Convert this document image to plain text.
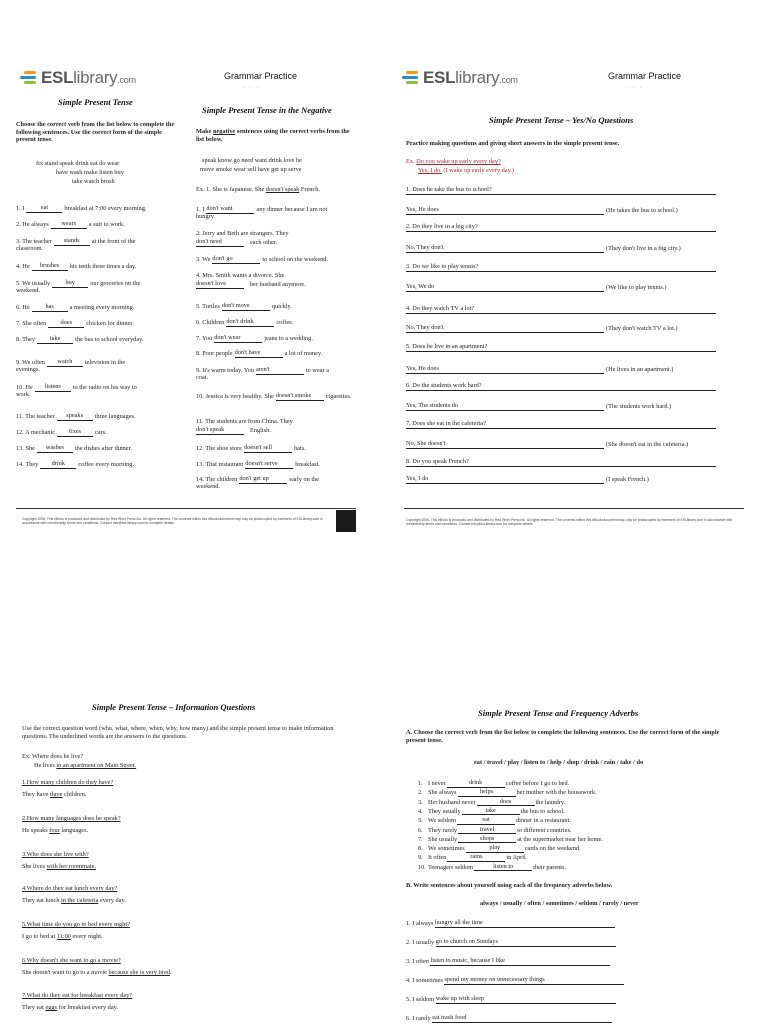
ESLlibrary.com	Grammar Practice
· · ·
Simple Present Tense
Choose the correct verb from the list below to complete the following sentences. Use the correct form of the simple present tense.
fix stand speak drink eat do wear
have wash make listen buy
take watch brush
1. I	eat	breakfast at 7:00 every morning.
2. He always wears a suit to work.
3. The teacher stands at the front of the
classroom.
4. He brushes his teeth three times a day.
5. We usually buy our groceries on the
weekend.
6. He	has	a meeting every morning.
7. She often does chicken for dinner.
8. They take the bus to school everyday.
9. We often watch television in the
evenings.
10. He listens to the radio on his way to
work.
11. The teacher speaks three languages.
12. A mechanic fixes cars.
13. She washes the dishes after dinner.
14. They drink coffee every morning.
Simple Present Tense in the Negative
Make negative sentences using the correct verbs from the list below.
speak know go need want drink love be
move smoke wear sell have get up serve
Ex. 1. She is Japanese. She doesn't speak French.
1. I don't want	any dinner because I am not
hungry.
2. Jerry and Beth are strangers. They
don't need	each other.
3. We don't go	to school on the weekend.
4. Mrs. Smith wants a divorce. She
doesn't love	her husband anymore.
5. Turtles don't move	quickly.
6. Children don't drink	coffee.
7. You don't wear	jeans to a wedding.
8. Poor people don't have	a lot of money.
9. It's warm today. You aren't	to wear a
coat.
10. Jessica is very healthy. She doesn't smoke cigarettes.
11. The students are from China. They
don't speak	English.
12. The shoe store doesn't sell	hats.
13. That restaurant doesn't serve	breakfast.
14. The children don't get up	early on the
weekend.
Copyright 2006. This eBook is produced and distributed by Red River Press Inc. All rights reserved. The contents within this eBook/document may only be photocopied by members of ESLlibrary.com in accordance with membership terms and conditions. Contact info@esl-library.com for complete details.
ESLlibrary.com	Grammar Practice
· · ·
Simple Present Tense – Yes/No Questions
Practice making questions and giving short answers in the simple present tense.
Ex. Do you wake up early every day?
Yes, I do. (I wake up early every day.)
1. Does he take the bus to school?
Yes, He does	(He takes the bus to school.)
2. Do they live in a big city?
No, They don't	(They don't live in a big city.)
3. Do we like to play tennis?
Yes, We do	(We like to play tennis.)
4. Do they watch TV a lot?
No, They don't	(They don't watch TV a lot.)
5. Does he live in an apartment?
Yes, He does	(He lives in an apartment.)
6. Do the students work hard?
Yes, The students do	(The students work hard.)
7. Does she eat in the cafeteria?
No, She doesn't	(She doesn't eat in the cafeteria.)
8. Do you speak French?
Yes, I do	(I speak French.)
Copyright 2006. This eBook is produced and distributed by Red River Press Inc. All rights reserved. The contents within this eBook/document may only be photocopied by members of ESLlibrary.com in accordance with membership terms and conditions. Contact info@esl-library.com for complete details.
Simple Present Tense – Information Questions
Use the correct question word (who, what, where, when, why, how many) and the simple present tense to make information questions. The underlined words are the answers to the questions.
Ex. Where does he live?
He lives in an apartment on Main Street.
1.How many children do they have?
They have three children.
2.How many languages does he speak?
He speaks four languages.
3.Who does she live with?
She lives with her roommate.
4.Where do they eat lunch every day?
They eat lunch in the cafeteria every day.
5.What time do you go to bed every night?
I go to bed at 11:00 every night.
6.Why doesn't she want to go a movie?
She doesn't want to go to a movie because she is very tired.
7.What do they eat for breakfast every day?
They eat eggs for breakfast every day.
Simple Present Tense and Frequency Adverbs
A. Choose the correct verb from the list below to complete the following sentences. Use the correct form of the simple present tense.
eat / travel / play / listen to / help / shop / drink / rain / take / do
1. I never	drink	coffee before I go to bed.
2. She always	helps	her mother with the housework.
3. Her husband never	does	the laundry.
4. They usually	take	the bus to school.
5. We seldom	eat	dinner in a restaurant.
6. They rarely	travel	to different countries.
7. She usually	shops	at the supermarket near her home.
8. We sometimes	play	cards on the weekend.
9. It often	rains	in April.
10. Teenagers seldom	listen to	their parents.
B. Write sentences about yourself using each of the frequency adverbs below.
always / usually / often / sometimes / seldom / rarely / never
1. I always hungry all the time
2. I usually go to church on Sundays
3. I often listen to music, because I like
4. I sometimes spend my money on unnecessary things
5. I seldom wake up with sleep
6. I rarely eat trash food
